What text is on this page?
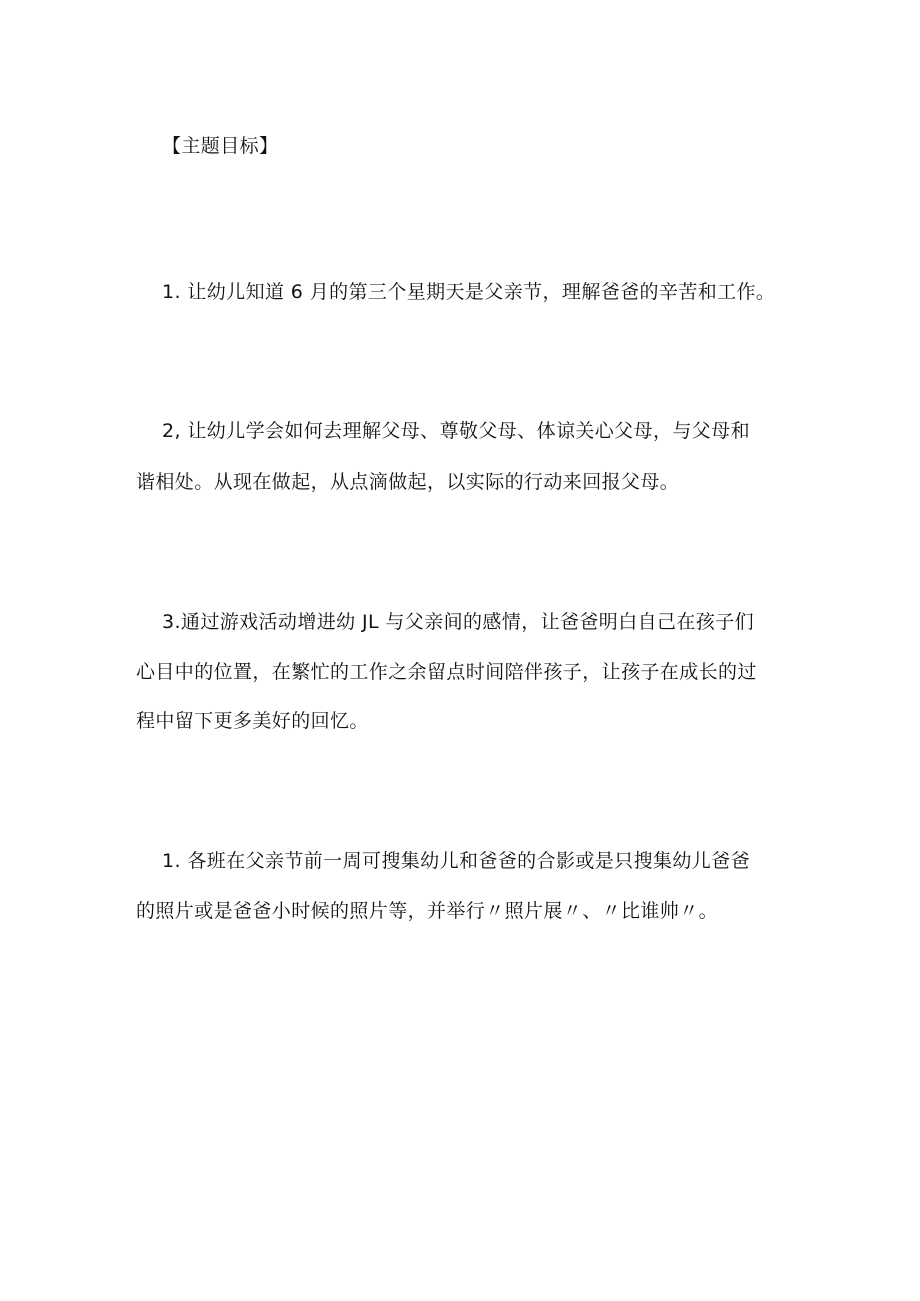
【主题目标】
1. 让幼儿知道 6 月的第三个星期天是父亲节，理解爸爸的辛苦和工作。
2, 让幼儿学会如何去理解父母、尊敬父母、体谅关心父母，与父母和
谐相处。从现在做起，从点滴做起，以实际的行动来回报父母。
3.通过游戏活动增进幼 JL 与父亲间的感情，让爸爸明白自己在孩子们
心目中的位置，在繁忙的工作之余留点时间陪伴孩子，让孩子在成长的过
程中留下更多美好的回忆。
1. 各班在父亲节前一周可搜集幼儿和爸爸的合影或是只搜集幼儿爸爸
的照片或是爸爸小时候的照片等，并举行〃照片展〃、〃比谁帅〃。
